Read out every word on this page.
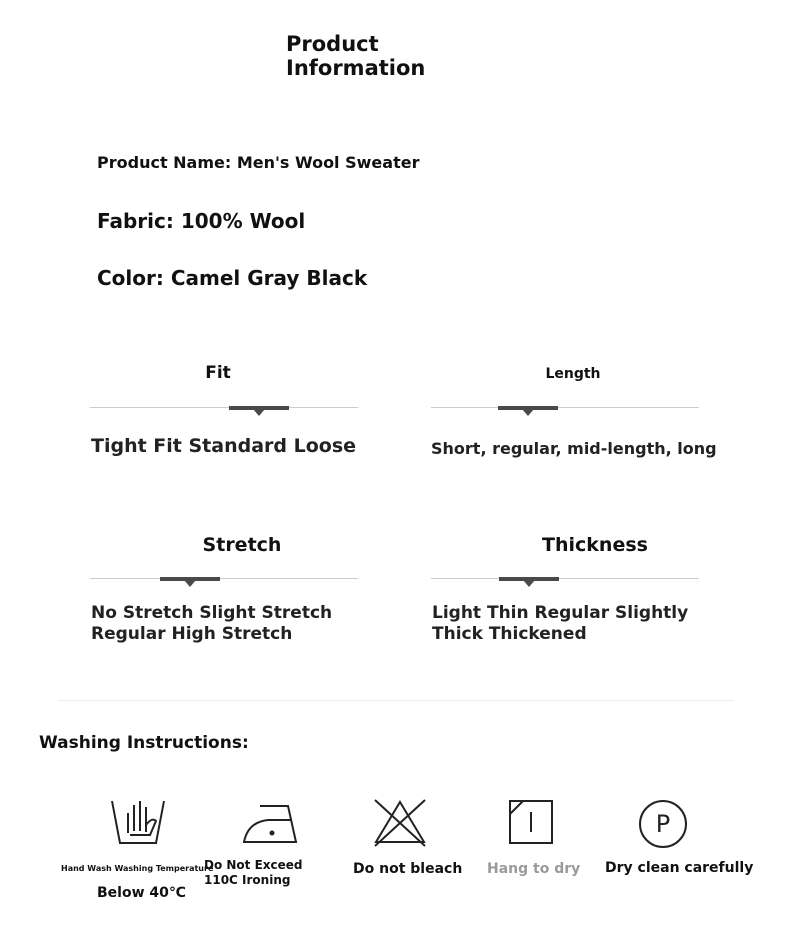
Product Information
Product Name: Men's Wool Sweater
Fabric: 100% Wool
Color: Camel Gray Black
Fit
Tight Fit Standard Loose
Length
Short, regular, mid-length, long
Stretch
No Stretch Slight Stretch Regular High Stretch
Thickness
Light Thin Regular Slightly Thick Thickened
Washing Instructions:
P
Hand Wash Washing Temperature
Below 40℃
Do Not Exceed 110C Ironing
Do not bleach Hang to dry Dry clean carefully
